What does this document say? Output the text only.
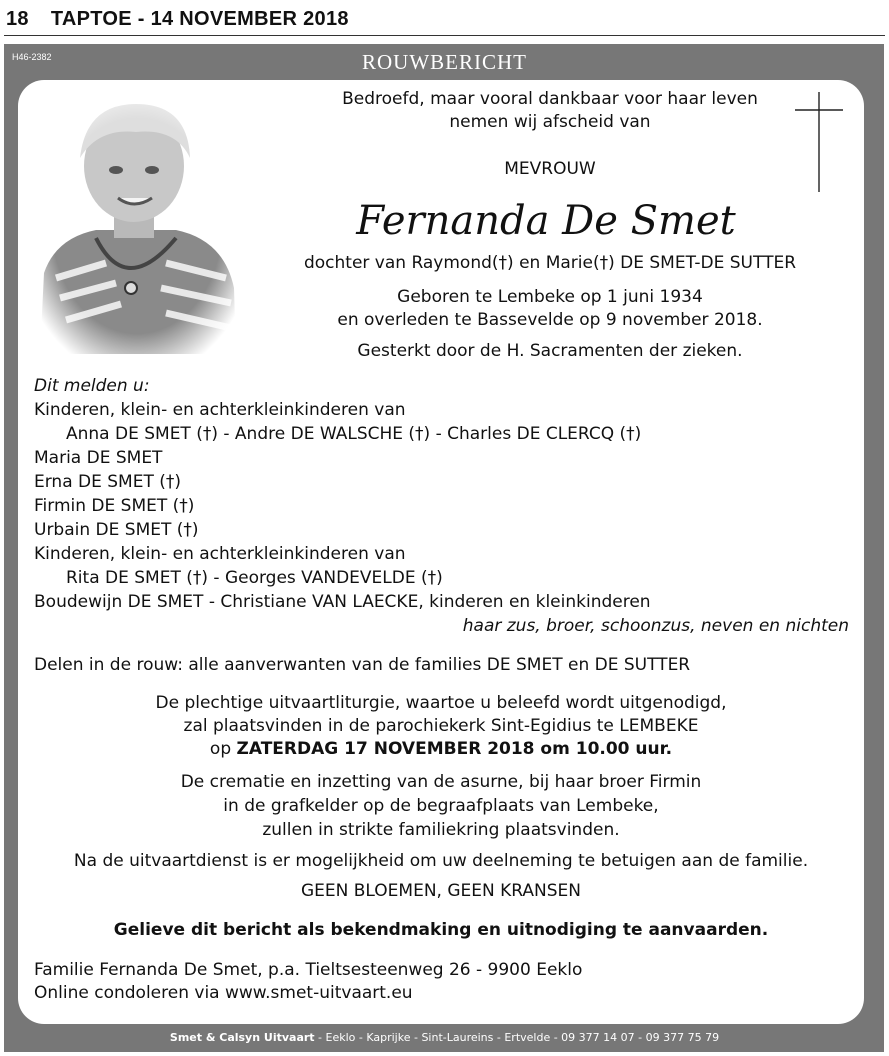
18 TAPTOE - 14 NOVEMBER 2018
H46-2382	ROUWBERICHT
Bedroefd, maar vooral dankbaar voor haar leven
nemen wij afscheid van
MEVROUW
Fernanda De Smet
dochter van Raymond(†) en Marie(†) DE SMET-DE SUTTER
Geboren te Lembeke op 1 juni 1934
en overleden te Bassevelde op 9 november 2018.
Gesterkt door de H. Sacramenten der zieken.
Dit melden u:
Kinderen, klein- en achterkleinkinderen van
Anna DE SMET (†) - Andre DE WALSCHE (†) - Charles DE CLERCQ (†)
Maria DE SMET
Erna DE SMET (†)
Firmin DE SMET (†)
Urbain DE SMET (†)
Kinderen, klein- en achterkleinkinderen van
Rita DE SMET (†) - Georges VANDEVELDE (†)
Boudewijn DE SMET - Christiane VAN LAECKE, kinderen en kleinkinderen
haar zus, broer, schoonzus, neven en nichten
Delen in de rouw: alle aanverwanten van de families DE SMET en DE SUTTER
De plechtige uitvaartliturgie, waartoe u beleefd wordt uitgenodigd,
zal plaatsvinden in de parochiekerk Sint-Egidius te LEMBEKE
op ZATERDAG 17 NOVEMBER 2018 om 10.00 uur.
De crematie en inzetting van de asurne, bij haar broer Firmin
in de grafkelder op de begraafplaats van Lembeke,
zullen in strikte familiekring plaatsvinden.
Na de uitvaartdienst is er mogelijkheid om uw deelneming te betuigen aan de familie.
GEEN BLOEMEN, GEEN KRANSEN
Gelieve dit bericht als bekendmaking en uitnodiging te aanvaarden.
Familie Fernanda De Smet, p.a. Tieltsesteenweg 26 - 9900 Eeklo
Online condoleren via www.smet-uitvaart.eu
Smet & Calsyn Uitvaart - Eeklo - Kaprijke - Sint-Laureins - Ertvelde - 09 377 14 07 - 09 377 75 79
